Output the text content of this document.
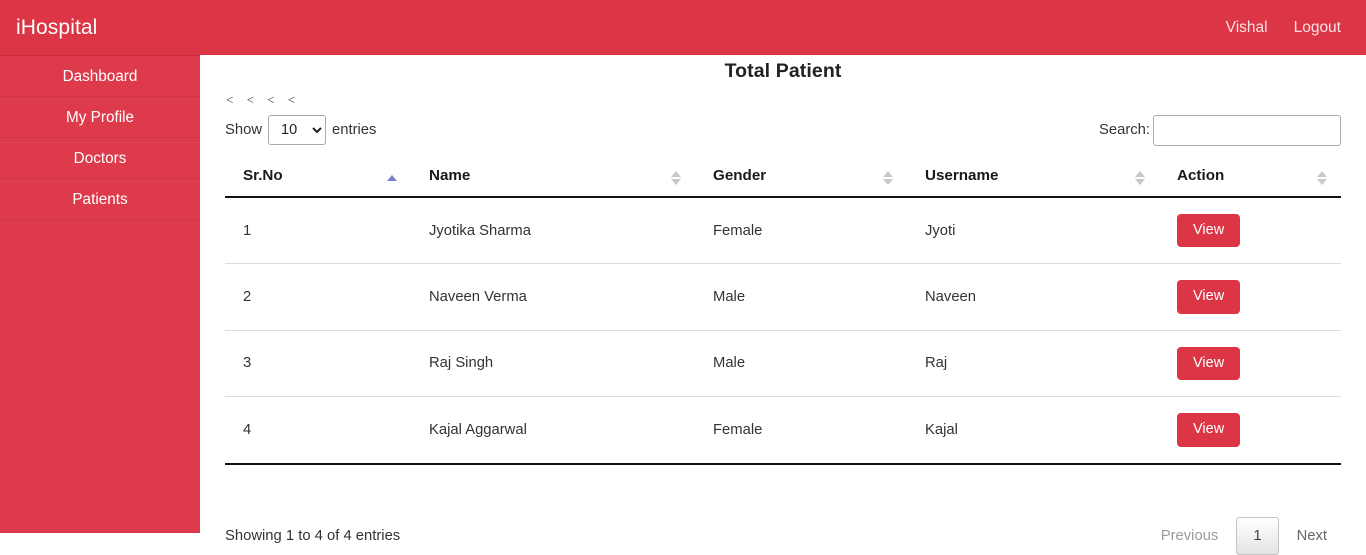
iHospital	Vishal Logout
Dashboard
My Profile
Doctors
Patients
Total Patient
< < < <
Show
10	entries	Search:
Sr.No	Name	Gender	Username	Action

1	Jyotika Sharma	Female	Jyoti	View
2	Naveen Verma	Male	Naveen	View
3	Raj Singh	Male	Raj	View
4	Kajal Aggarwal	Female	Kajal	View
Showing 1 to 4 of 4 entries	Previous	1	Next
